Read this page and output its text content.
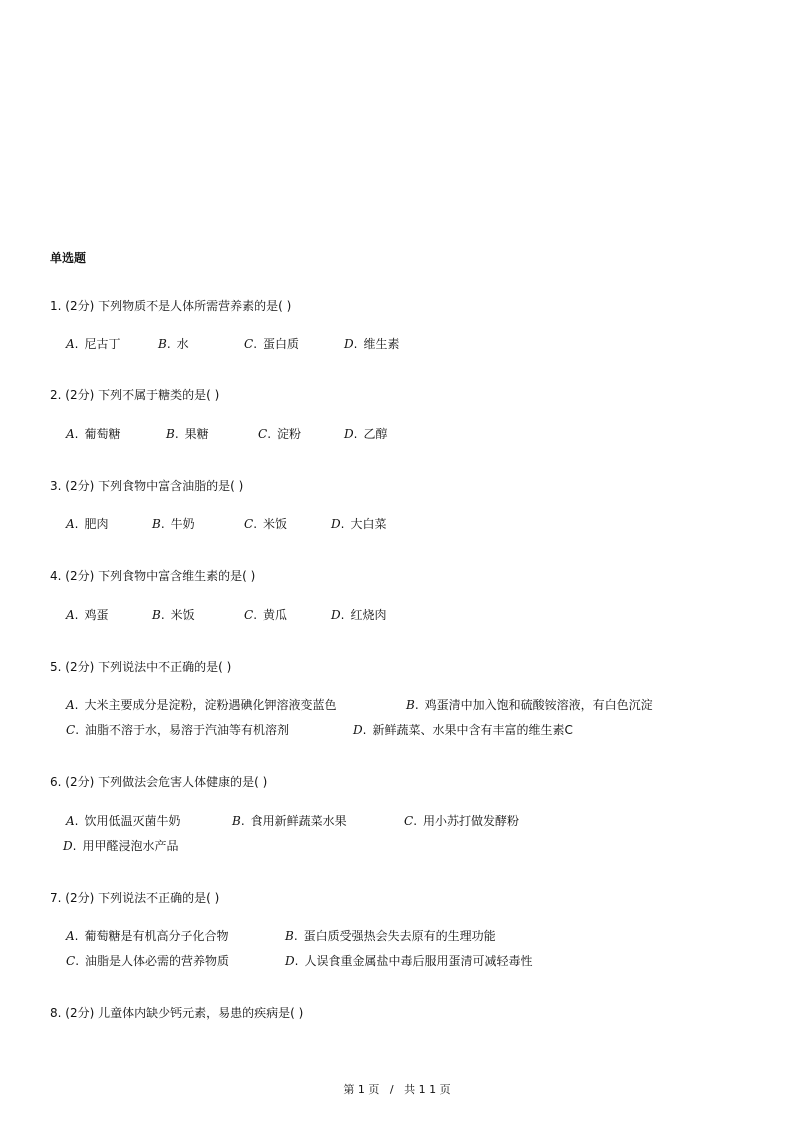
单选题
1. (2分) 下列物质不是人体所需营养素的是( )
A. 尼古丁	B. 水	C. 蛋白质	D. 维生素
2. (2分) 下列不属于糖类的是( )
A. 葡萄糖	B. 果糖	C. 淀粉	D. 乙醇
3. (2分) 下列食物中富含油脂的是( )
A. 肥肉	B. 牛奶	C. 米饭	D. 大白菜
4. (2分) 下列食物中富含维生素的是( )
A. 鸡蛋	B. 米饭	C. 黄瓜	D. 红烧肉
5. (2分) 下列说法中不正确的是( )
A. 大米主要成分是淀粉，淀粉遇碘化钾溶液变蓝色	B. 鸡蛋清中加入饱和硫酸铵溶液，有白色沉淀
C. 油脂不溶于水，易溶于汽油等有机溶剂	D. 新鲜蔬菜、水果中含有丰富的维生素C
6. (2分) 下列做法会危害人体健康的是( )
A. 饮用低温灭菌牛奶	B. 食用新鲜蔬菜水果	C. 用小苏打做发酵粉
D. 用甲醛浸泡水产品
7. (2分) 下列说法不正确的是( )
A. 葡萄糖是有机高分子化合物	B. 蛋白质受强热会失去原有的生理功能
C. 油脂是人体必需的营养物质	D. 人误食重金属盐中毒后服用蛋清可减轻毒性
8. (2分) 儿童体内缺少钙元素，易患的疾病是( )
第 1 页   /   共 1 1 页
